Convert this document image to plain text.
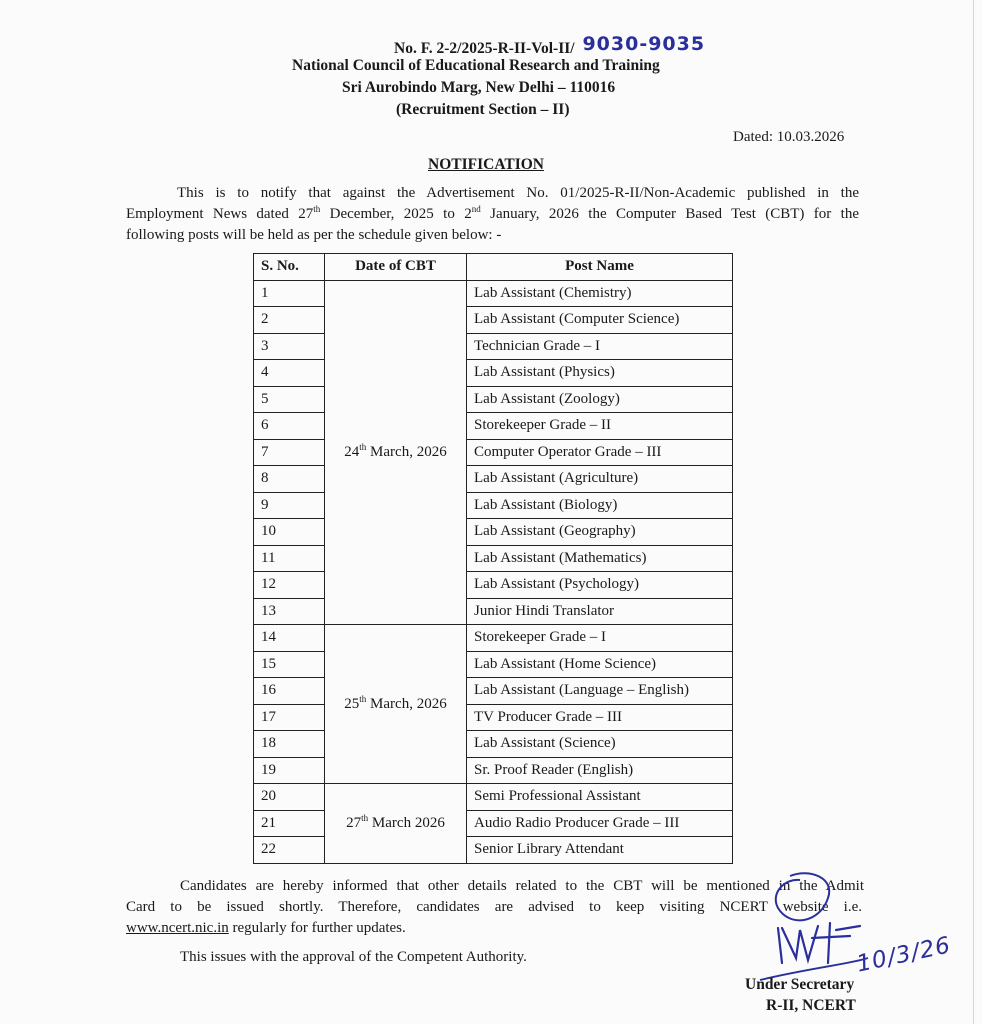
No. F. 2-2/2025-R-II-Vol-II/ 9030-9035
National Council of Educational Research and Training
Sri Aurobindo Marg, New Delhi – 110016
(Recruitment Section – II)
Dated: 10.03.2026
NOTIFICATION
This is to notify that against the Advertisement No. 01/2025-R-II/Non-Academic published in the
Employment News dated 27th December, 2025 to 2nd January, 2026 the Computer Based Test (CBT) for the
following posts will be held as per the schedule given below: -
S. No.	Date of CBT	Post Name
1	24th March, 2026	Lab Assistant (Chemistry)
2		Lab Assistant (Computer Science)
3		Technician Grade – I
4		Lab Assistant (Physics)
5		Lab Assistant (Zoology)
6		Storekeeper Grade – II
7		Computer Operator Grade – III
8		Lab Assistant (Agriculture)
9		Lab Assistant (Biology)
10		Lab Assistant (Geography)
11		Lab Assistant (Mathematics)
12		Lab Assistant (Psychology)
13		Junior Hindi Translator
14	25th March, 2026	Storekeeper Grade – I
15		Lab Assistant (Home Science)
16		Lab Assistant (Language – English)
17		TV Producer Grade – III
18		Lab Assistant (Science)
19		Sr. Proof Reader (English)
20	27th March 2026	Semi Professional Assistant
21		Audio Radio Producer Grade – III
22		Senior Library Attendant
Candidates are hereby informed that other details related to the CBT will be mentioned in the Admit
Card to be issued shortly. Therefore, candidates are advised to keep visiting NCERT website i.e.
www.ncert.nic.in regularly for further updates.
This issues with the approval of the Competent Authority.	10/3/26
Under Secretary
R-II, NCERT
